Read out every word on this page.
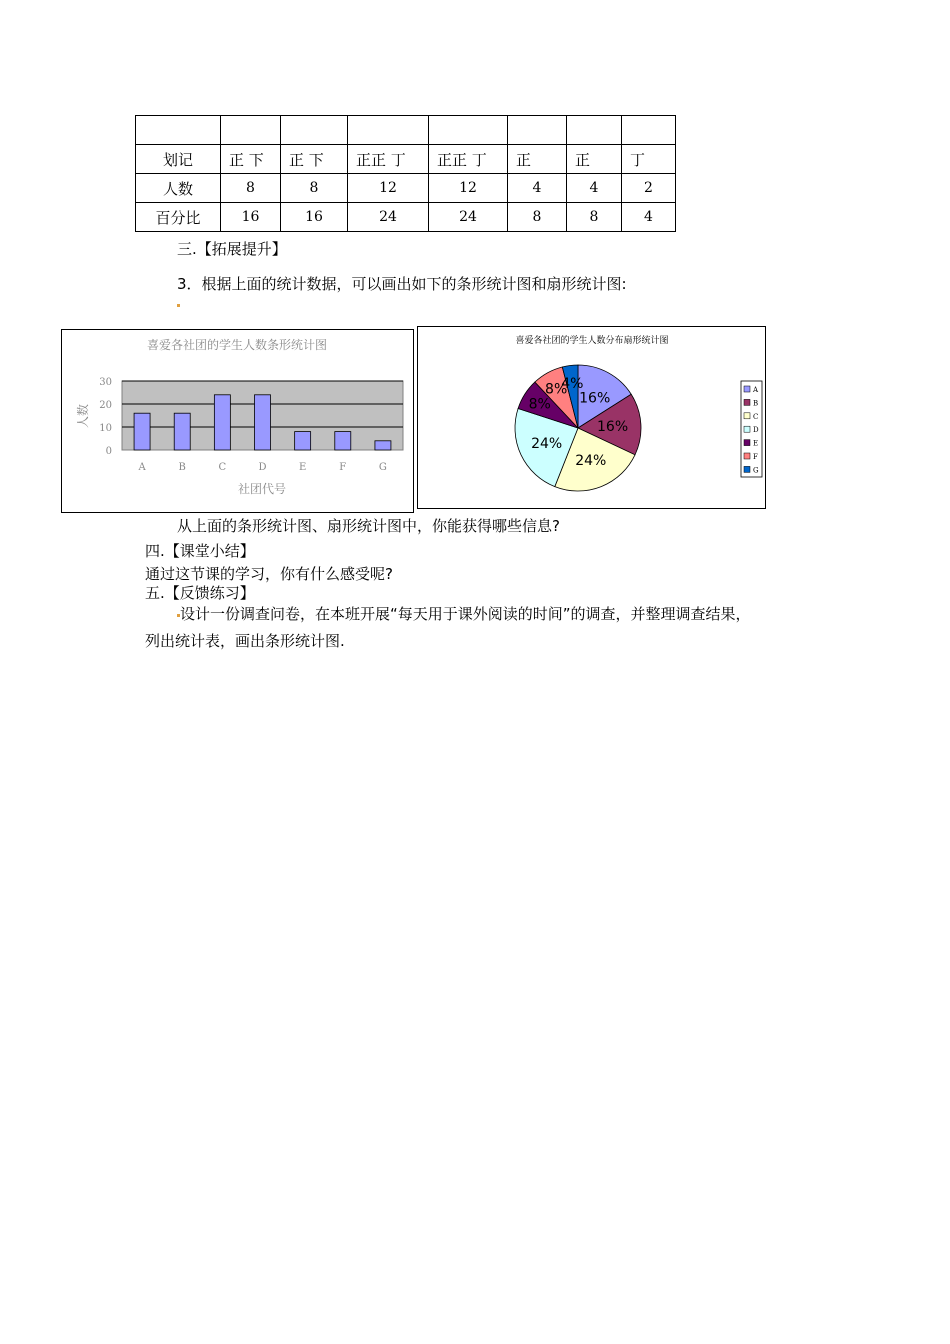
划记	正 下	正 下	正正 丁	正正 丁	正	正	丁
人数	8	8	12	12	4	4	2
百分比	16	16	24	24	8	8	4
三.【拓展提升】
3．根据上面的统计数据，可以画出如下的条形统计图和扇形统计图:
喜爱各社团的学生人数条形统计图
30
20
10
0
A	B	C	D	E	F	G
人数
社团代号
喜爱各社团的学生人数分布扇形统计图
16%
16%
24%
24%
8%
8%
4%	A
B
C
D
E
F
G
从上面的条形统计图、扇形统计图中，你能获得哪些信息?
四.【课堂小结】
通过这节课的学习，你有什么感受呢?
五.【反馈练习】
设计一份调查问卷，在本班开展“每天用于课外阅读的时间”的调查，并整理调查结果，
列出统计表，画出条形统计图.
